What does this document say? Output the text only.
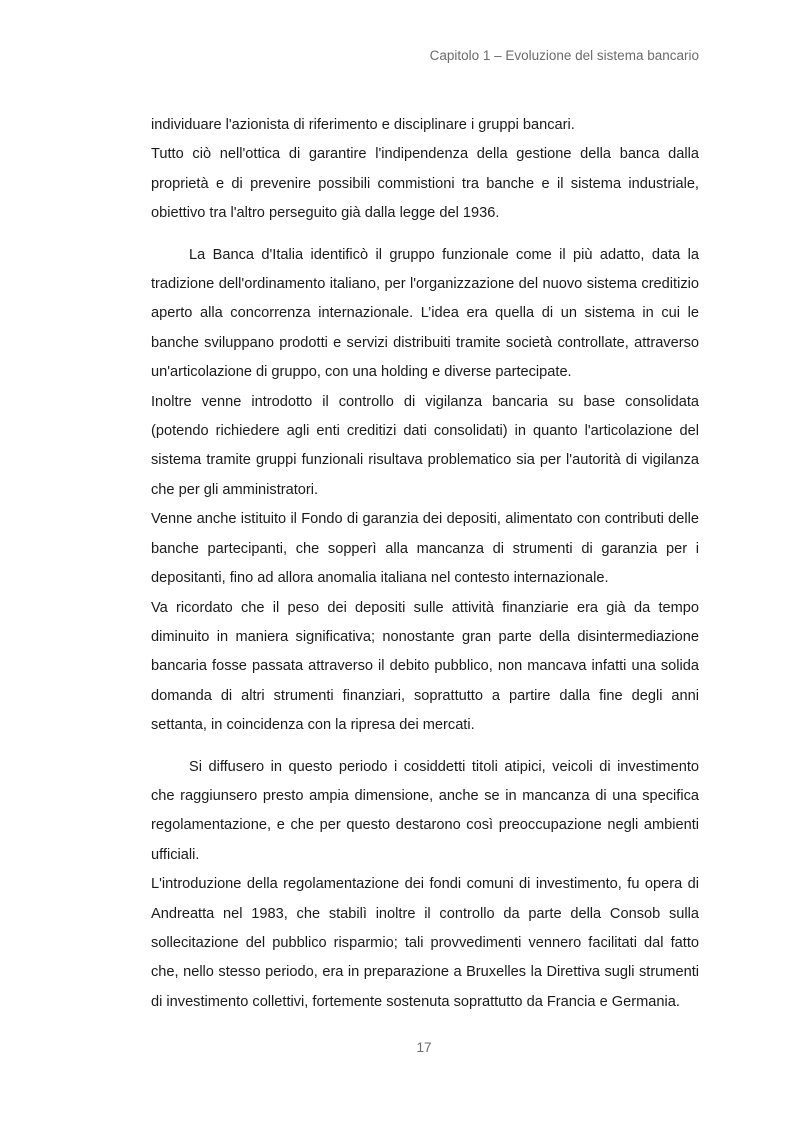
Capitolo 1 – Evoluzione del sistema bancario

individuare l'azionista di riferimento e disciplinare i gruppi bancari.

Tutto ciò nell'ottica di garantire l'indipendenza della gestione della banca dalla proprietà e di prevenire possibili commistioni tra banche e il sistema industriale, obiettivo tra l'altro perseguito già dalla legge del 1936.

La Banca d'Italia identificò il gruppo funzionale come il più adatto, data la tradizione dell'ordinamento italiano, per l'organizzazione del nuovo sistema creditizio aperto alla concorrenza internazionale. L’idea era quella di un sistema in cui le banche sviluppano prodotti e servizi distribuiti tramite società controllate, attraverso un'articolazione di gruppo, con una holding e diverse partecipate.

Inoltre venne introdotto il controllo di vigilanza bancaria su base consolidata (potendo richiedere agli enti creditizi dati consolidati) in quanto l'articolazione del sistema tramite gruppi funzionali risultava problematico sia per l'autorità di vigilanza che per gli amministratori.

Venne anche istituito il Fondo di garanzia dei depositi, alimentato con contributi delle banche partecipanti, che sopperì alla mancanza di strumenti di garanzia per i depositanti, fino ad allora anomalia italiana nel contesto internazionale.

Va ricordato che il peso dei depositi sulle attività finanziarie era già da tempo diminuito in maniera significativa; nonostante gran parte della disintermediazione bancaria fosse passata attraverso il debito pubblico, non mancava infatti una solida domanda di altri strumenti finanziari, soprattutto a partire dalla fine degli anni settanta, in coincidenza con la ripresa dei mercati.

Si diffusero in questo periodo i cosiddetti titoli atipici, veicoli di investimento che raggiunsero presto ampia dimensione, anche se in mancanza di una specifica regolamentazione, e che per questo destarono così preoccupazione negli ambienti ufficiali.

L'introduzione della regolamentazione dei fondi comuni di investimento, fu opera di Andreatta nel 1983, che stabilì inoltre il controllo da parte della Consob sulla sollecitazione del pubblico risparmio; tali provvedimenti vennero facilitati dal fatto che, nello stesso periodo, era in preparazione a Bruxelles la Direttiva sugli strumenti di investimento collettivi, fortemente sostenuta soprattutto da Francia e Germania.

17
